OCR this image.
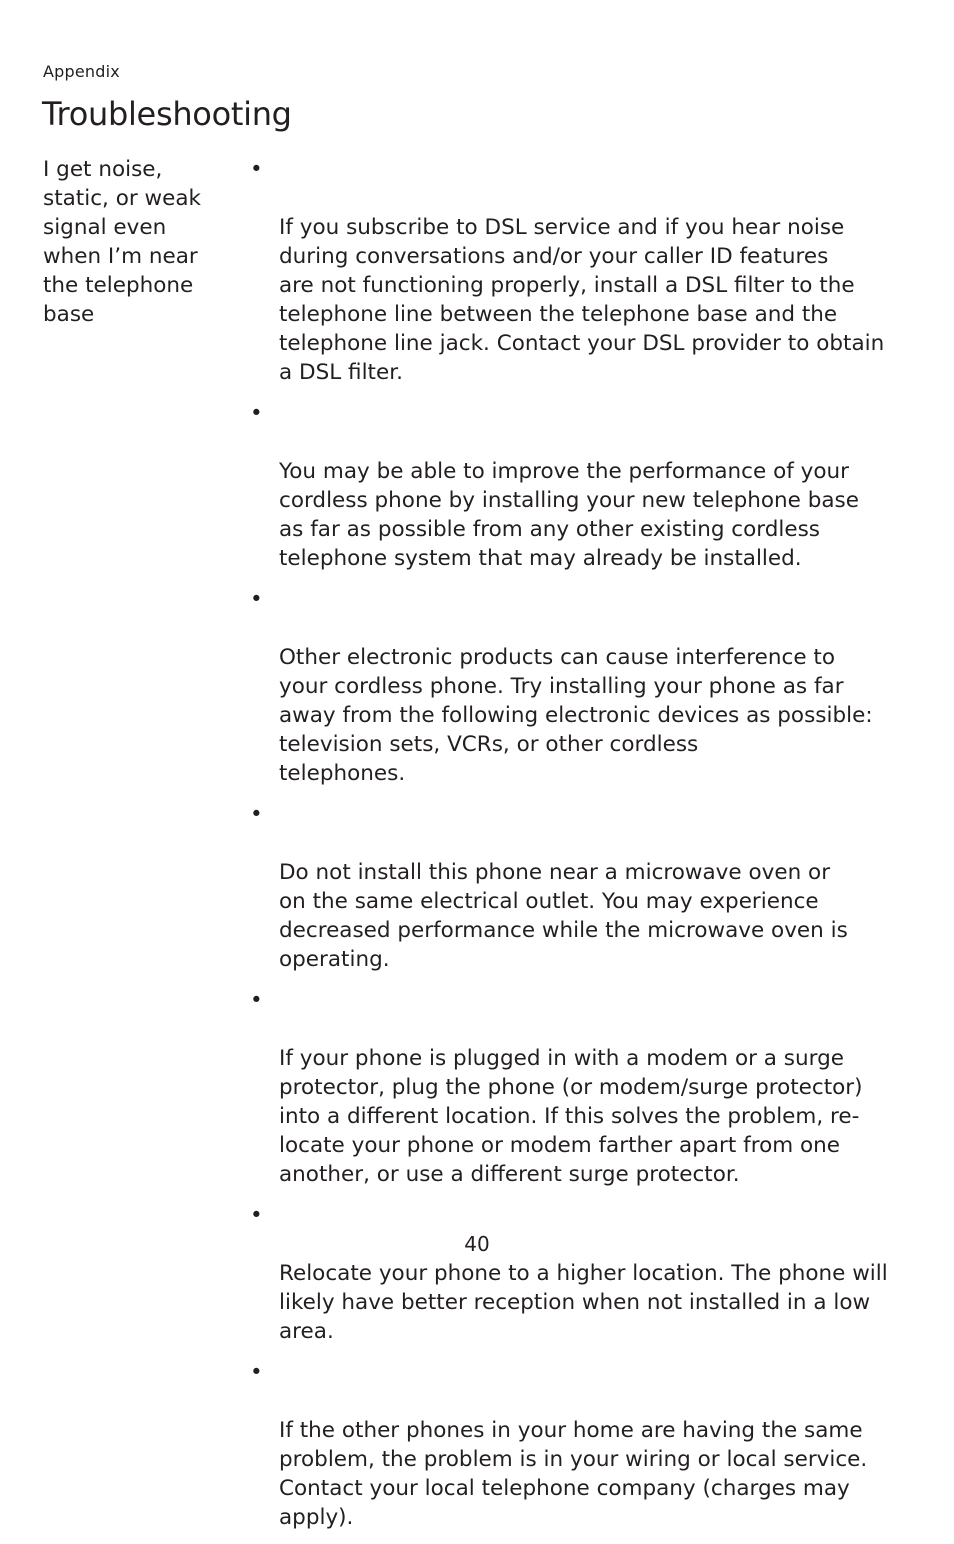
Appendix
Troubleshooting
I get noise,
static, or weak
signal even
when I’m near
the telephone
base

•

If you subscribe to DSL service and if you hear noise
during conversations and/or your caller ID features
are not functioning properly, install a DSL filter to the
telephone line between the telephone base and the
telephone line jack. Contact your DSL provider to obtain
a DSL filter.

•

You may be able to improve the performance of your
cordless phone by installing your new telephone base
as far as possible from any other existing cordless
telephone system that may already be installed.

•

Other electronic products can cause interference to
your cordless phone. Try installing your phone as far
away from the following electronic devices as possible:
television sets, VCRs, or other cordless
telephones.

•

Do not install this phone near a microwave oven or
on the same electrical outlet. You may experience
decreased performance while the microwave oven is
operating.

•

If your phone is plugged in with a modem or a surge
protector, plug the phone (or modem/surge protector)
into a different location. If this solves the problem, re-
locate your phone or modem farther apart from one
another, or use a different surge protector.

•

Relocate your phone to a higher location. The phone will
likely have better reception when not installed in a low
area.

•

If the other phones in your home are having the same
problem, the problem is in your wiring or local service.
Contact your local telephone company (charges may
apply).

40
